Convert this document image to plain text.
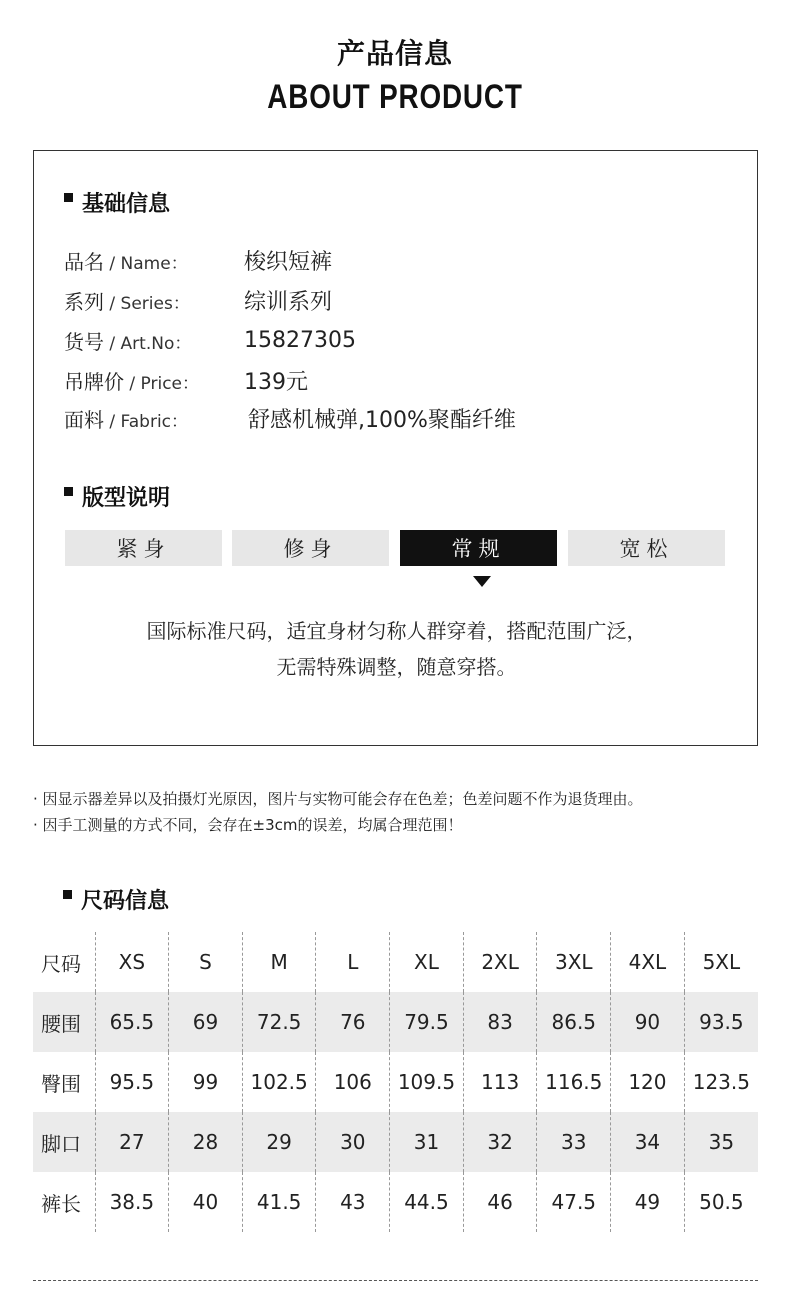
产品信息
ABOUT PRODUCT
基础信息
品名 / Name：	梭织短裤
系列 / Series：	综训系列
货号 / Art.No：	15827305
吊牌价 / Price：	139元
面料 / Fabric：	舒感机械弹,100%聚酯纤维
版型说明
紧身	修身	常规	宽松
国际标准尺码，适宜身材匀称人群穿着，搭配范围广泛，
无需特殊调整，随意穿搭。
· 因显示器差异以及拍摄灯光原因，图片与实物可能会存在色差；色差问题不作为退货理由。
· 因手工测量的方式不同，会存在±3cm的误差，均属合理范围！
尺码信息
尺码	XS	S	M	L	XL	2XL	3XL	4XL	5XL
腰围	65.5	69	72.5	76	79.5	83	86.5	90	93.5
臀围	95.5	99	102.5	106	109.5	113	116.5	120	123.5
脚口	27	28	29	30	31	32	33	34	35
裤长	38.5	40	41.5	43	44.5	46	47.5	49	50.5
